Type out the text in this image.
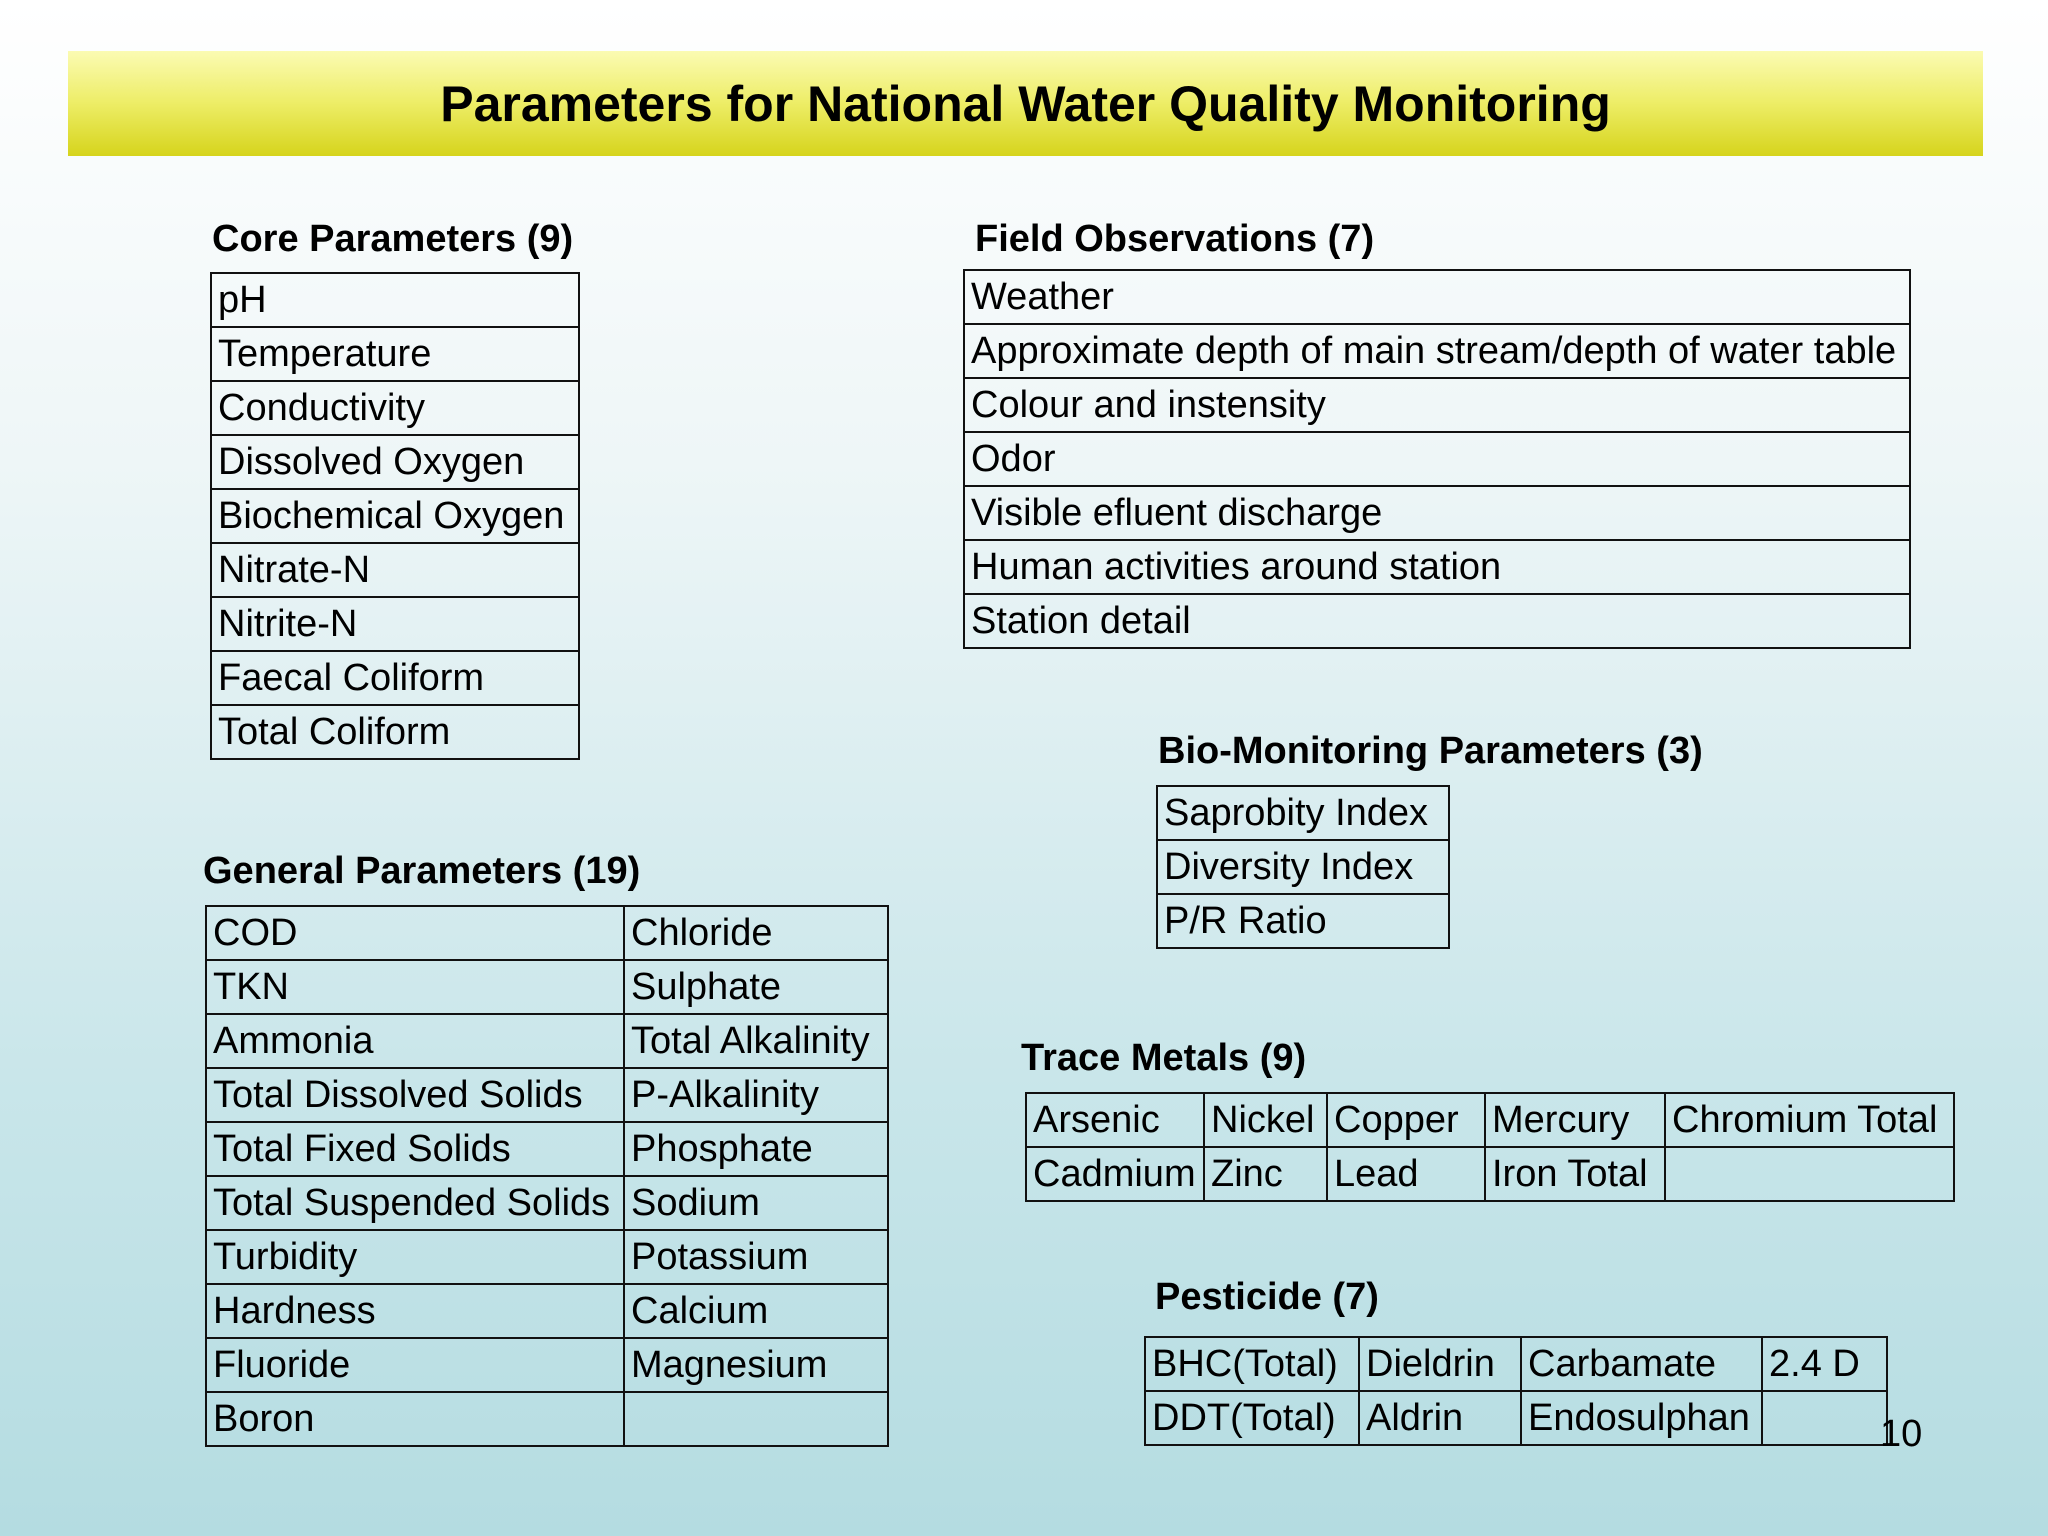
Parameters for National Water Quality Monitoring
Core Parameters (9)
pH
Temperature
Conductivity
Dissolved Oxygen
Biochemical Oxygen
Nitrate-N
Nitrite-N
Faecal Coliform
Total Coliform
Field Observations (7)
Weather
Approximate depth of main stream/depth of water table
Colour and instensity
Odor
Visible efluent discharge
Human activities around station
Station detail
Bio-Monitoring Parameters (3)
Saprobity Index
Diversity Index
P/R Ratio
General Parameters (19)
COD	Chloride
TKN	Sulphate
Ammonia	Total Alkalinity
Total Dissolved Solids	P-Alkalinity
Total Fixed Solids	Phosphate
Total Suspended Solids	Sodium
Turbidity	Potassium
Hardness	Calcium
Fluoride	Magnesium
Boron	
Trace Metals (9)
Arsenic	Nickel	Copper	Mercury	Chromium Total
Cadmium	Zinc	Lead	Iron Total	
Pesticide (7)
BHC(Total)	Dieldrin	Carbamate	2.4 D
DDT(Total)	Aldrin	Endosulphan		10
